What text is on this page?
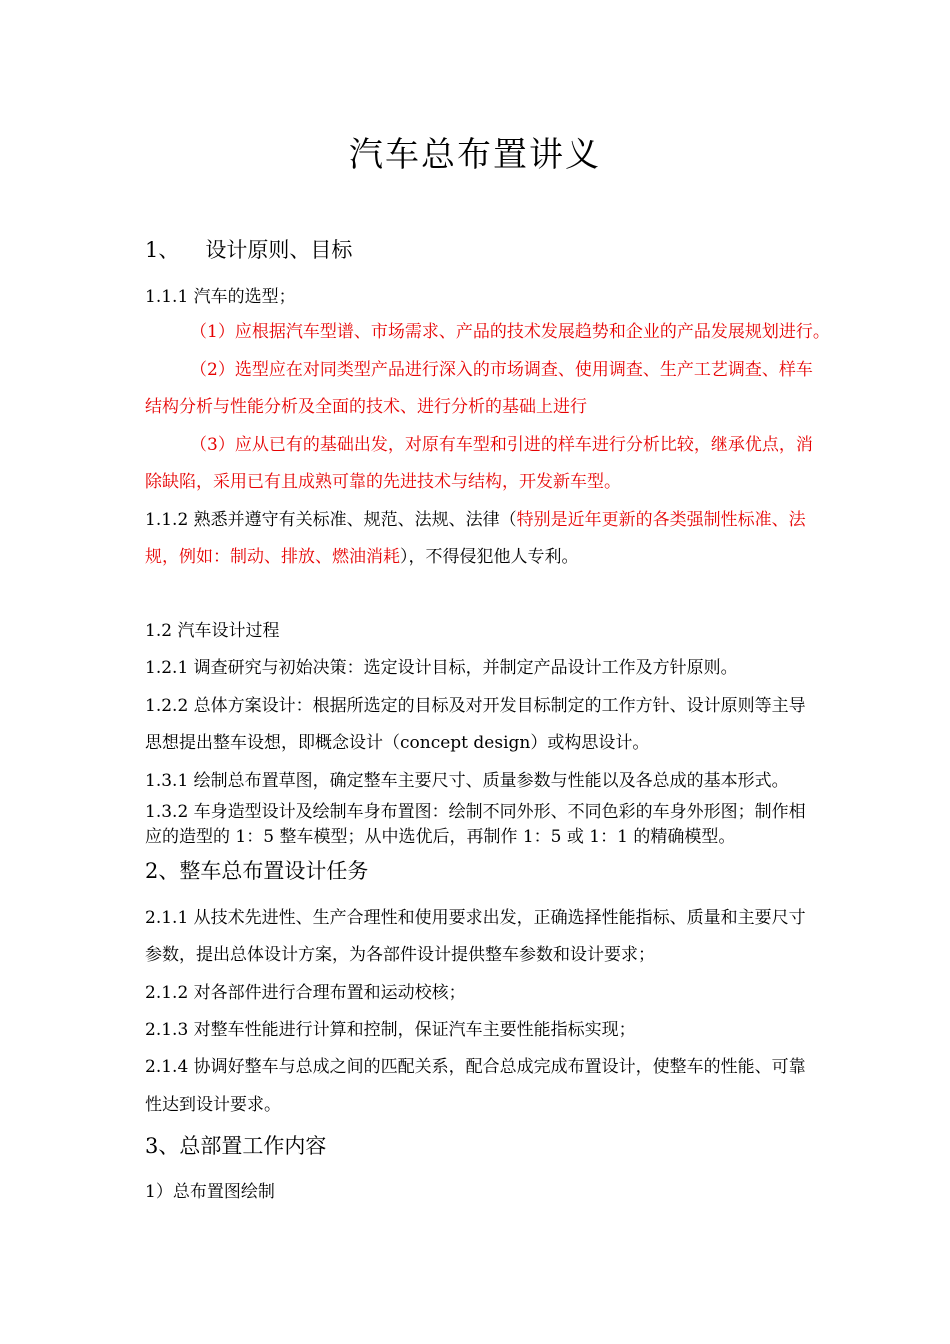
汽车总布置讲义
1、 设计原则、目标
1.1.1 汽车的选型；
（1）应根据汽车型谱、市场需求、产品的技术发展趋势和企业的产品发展规划进行。
（2）选型应在对同类型产品进行深入的市场调查、使用调查、生产工艺调查、样车
结构分析与性能分析及全面的技术、进行分析的基础上进行
（3）应从已有的基础出发，对原有车型和引进的样车进行分析比较，继承优点，消
除缺陷，采用已有且成熟可靠的先进技术与结构，开发新车型。
1.1.2 熟悉并遵守有关标准、规范、法规、法律（特别是近年更新的各类强制性标准、法
规，例如：制动、排放、燃油消耗），不得侵犯他人专利。
1.2 汽车设计过程
1.2.1 调查研究与初始决策：选定设计目标，并制定产品设计工作及方针原则。
1.2.2 总体方案设计：根据所选定的目标及对开发目标制定的工作方针、设计原则等主导
思想提出整车设想，即概念设计（concept design）或构思设计。
1.3.1 绘制总布置草图，确定整车主要尺寸、质量参数与性能以及各总成的基本形式。
1.3.2 车身造型设计及绘制车身布置图：绘制不同外形、不同色彩的车身外形图；制作相
应的造型的 1：5 整车模型；从中选优后，再制作 1：5 或 1：1 的精确模型。
2、整车总布置设计任务
2.1.1 从技术先进性、生产合理性和使用要求出发，正确选择性能指标、质量和主要尺寸
参数，提出总体设计方案，为各部件设计提供整车参数和设计要求；
2.1.2 对各部件进行合理布置和运动校核；
2.1.3 对整车性能进行计算和控制，保证汽车主要性能指标实现；
2.1.4 协调好整车与总成之间的匹配关系，配合总成完成布置设计，使整车的性能、可靠
性达到设计要求。
3、总部置工作内容
1）总布置图绘制
